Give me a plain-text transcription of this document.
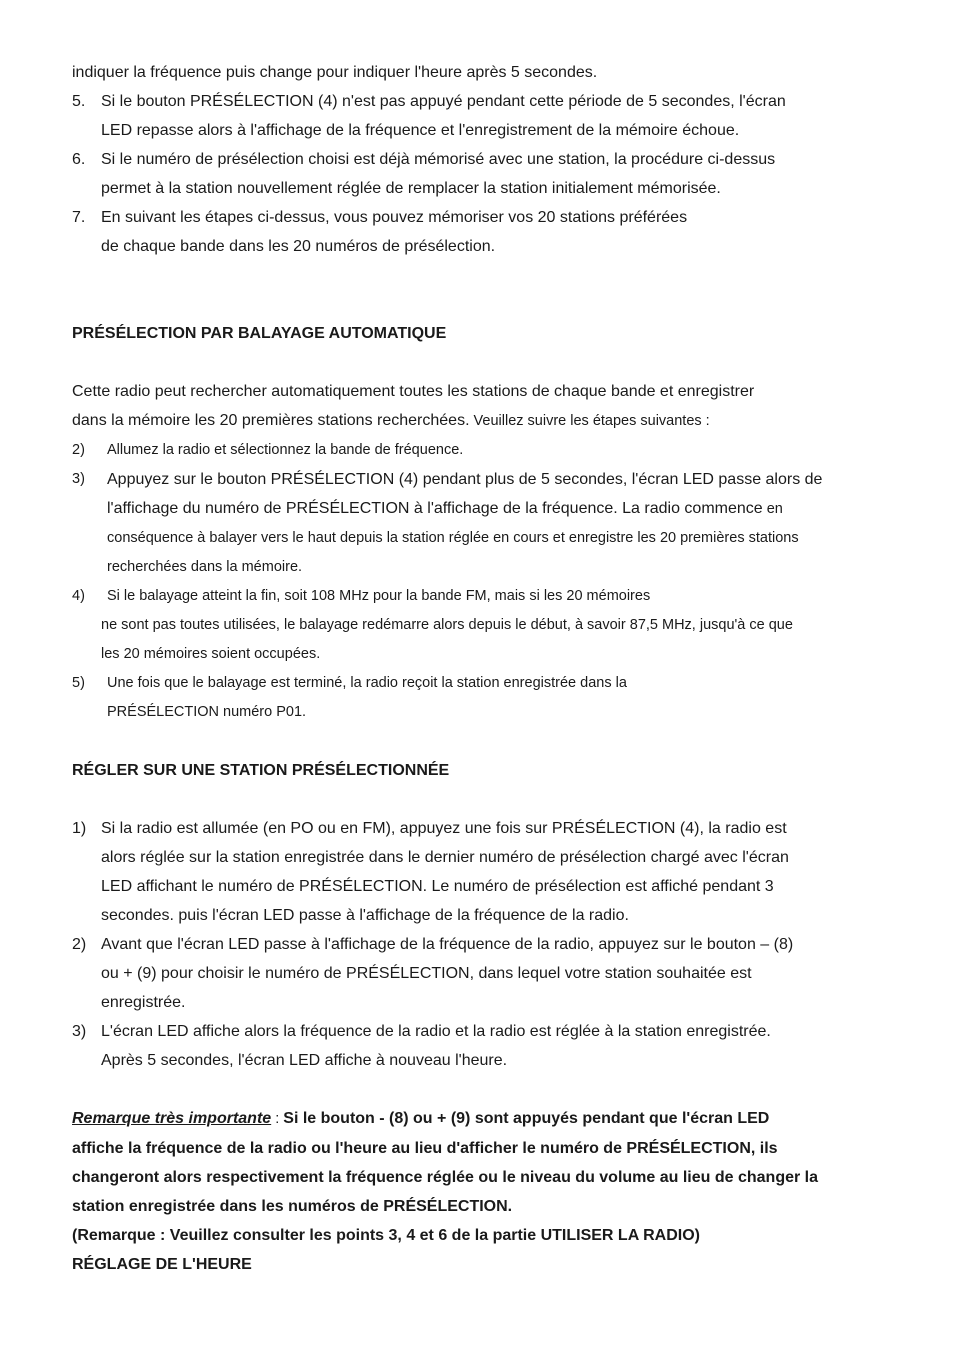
indiquer la fréquence puis change pour indiquer l'heure après 5 secondes.

5. Si le bouton PRÉSÉLECTION (4) n'est pas appuyé pendant cette période de 5 secondes, l'écran
LED repasse alors à l'affichage de la fréquence et l'enregistrement de la mémoire échoue.
6. Si le numéro de présélection choisi est déjà mémorisé avec une station, la procédure ci-dessus
permet à la station nouvellement réglée de remplacer la station initialement mémorisée.
7. En suivant les étapes ci-dessus, vous pouvez mémoriser vos 20 stations préférées
de chaque bande dans les 20 numéros de présélection.

PRÉSÉLECTION PAR BALAYAGE AUTOMATIQUE

Cette radio peut rechercher automatiquement toutes les stations de chaque bande et enregistrer

dans la mémoire les 20 premières stations recherchées. Veuillez suivre les étapes suivantes :

2)	Allumez la radio et sélectionnez la bande de fréquence.
3)	Appuyez sur le bouton PRÉSÉLECTION (4) pendant plus de 5 secondes, l'écran LED passe alors de
l'affichage du numéro de PRÉSÉLECTION à l'affichage de la fréquence. La radio commence en
conséquence à balayer vers le haut depuis la station réglée en cours et enregistre les 20 premières stations
recherchées dans la mémoire.
4)	Si le balayage atteint la fin, soit 108 MHz pour la bande FM, mais si les 20 mémoires
ne sont pas toutes utilisées, le balayage redémarre alors depuis le début, à savoir 87,5 MHz, jusqu'à ce que
les 20 mémoires soient occupées.
5)	Une fois que le balayage est terminé, la radio reçoit la station enregistrée dans la
PRÉSÉLECTION numéro P01.

RÉGLER SUR UNE STATION PRÉSÉLECTIONNÉE

1) Si la radio est allumée (en PO ou en FM), appuyez une fois sur PRÉSÉLECTION (4), la radio est
alors réglée sur la station enregistrée dans le dernier numéro de présélection chargé avec l'écran
LED affichant le numéro de PRÉSÉLECTION. Le numéro de présélection est affiché pendant 3
secondes. puis l'écran LED passe à l'affichage de la fréquence de la radio.
2) Avant que l'écran LED passe à l'affichage de la fréquence de la radio, appuyez sur le bouton – (8)
ou + (9) pour choisir le numéro de PRÉSÉLECTION, dans lequel votre station souhaitée est
enregistrée.
3) L'écran LED affiche alors la fréquence de la radio et la radio est réglée à la station enregistrée.
Après 5 secondes, l'écran LED affiche à nouveau l'heure.

Remarque très importante : Si le bouton - (8) ou + (9) sont appuyés pendant que l'écran LED

affiche la fréquence de la radio ou l'heure au lieu d'afficher le numéro de PRÉSÉLECTION, ils

changeront alors respectivement la fréquence réglée ou le niveau du volume au lieu de changer la

station enregistrée dans les numéros de PRÉSÉLECTION.

(Remarque : Veuillez consulter les points 3, 4 et 6 de la partie UTILISER LA RADIO)

RÉGLAGE DE L'HEURE
